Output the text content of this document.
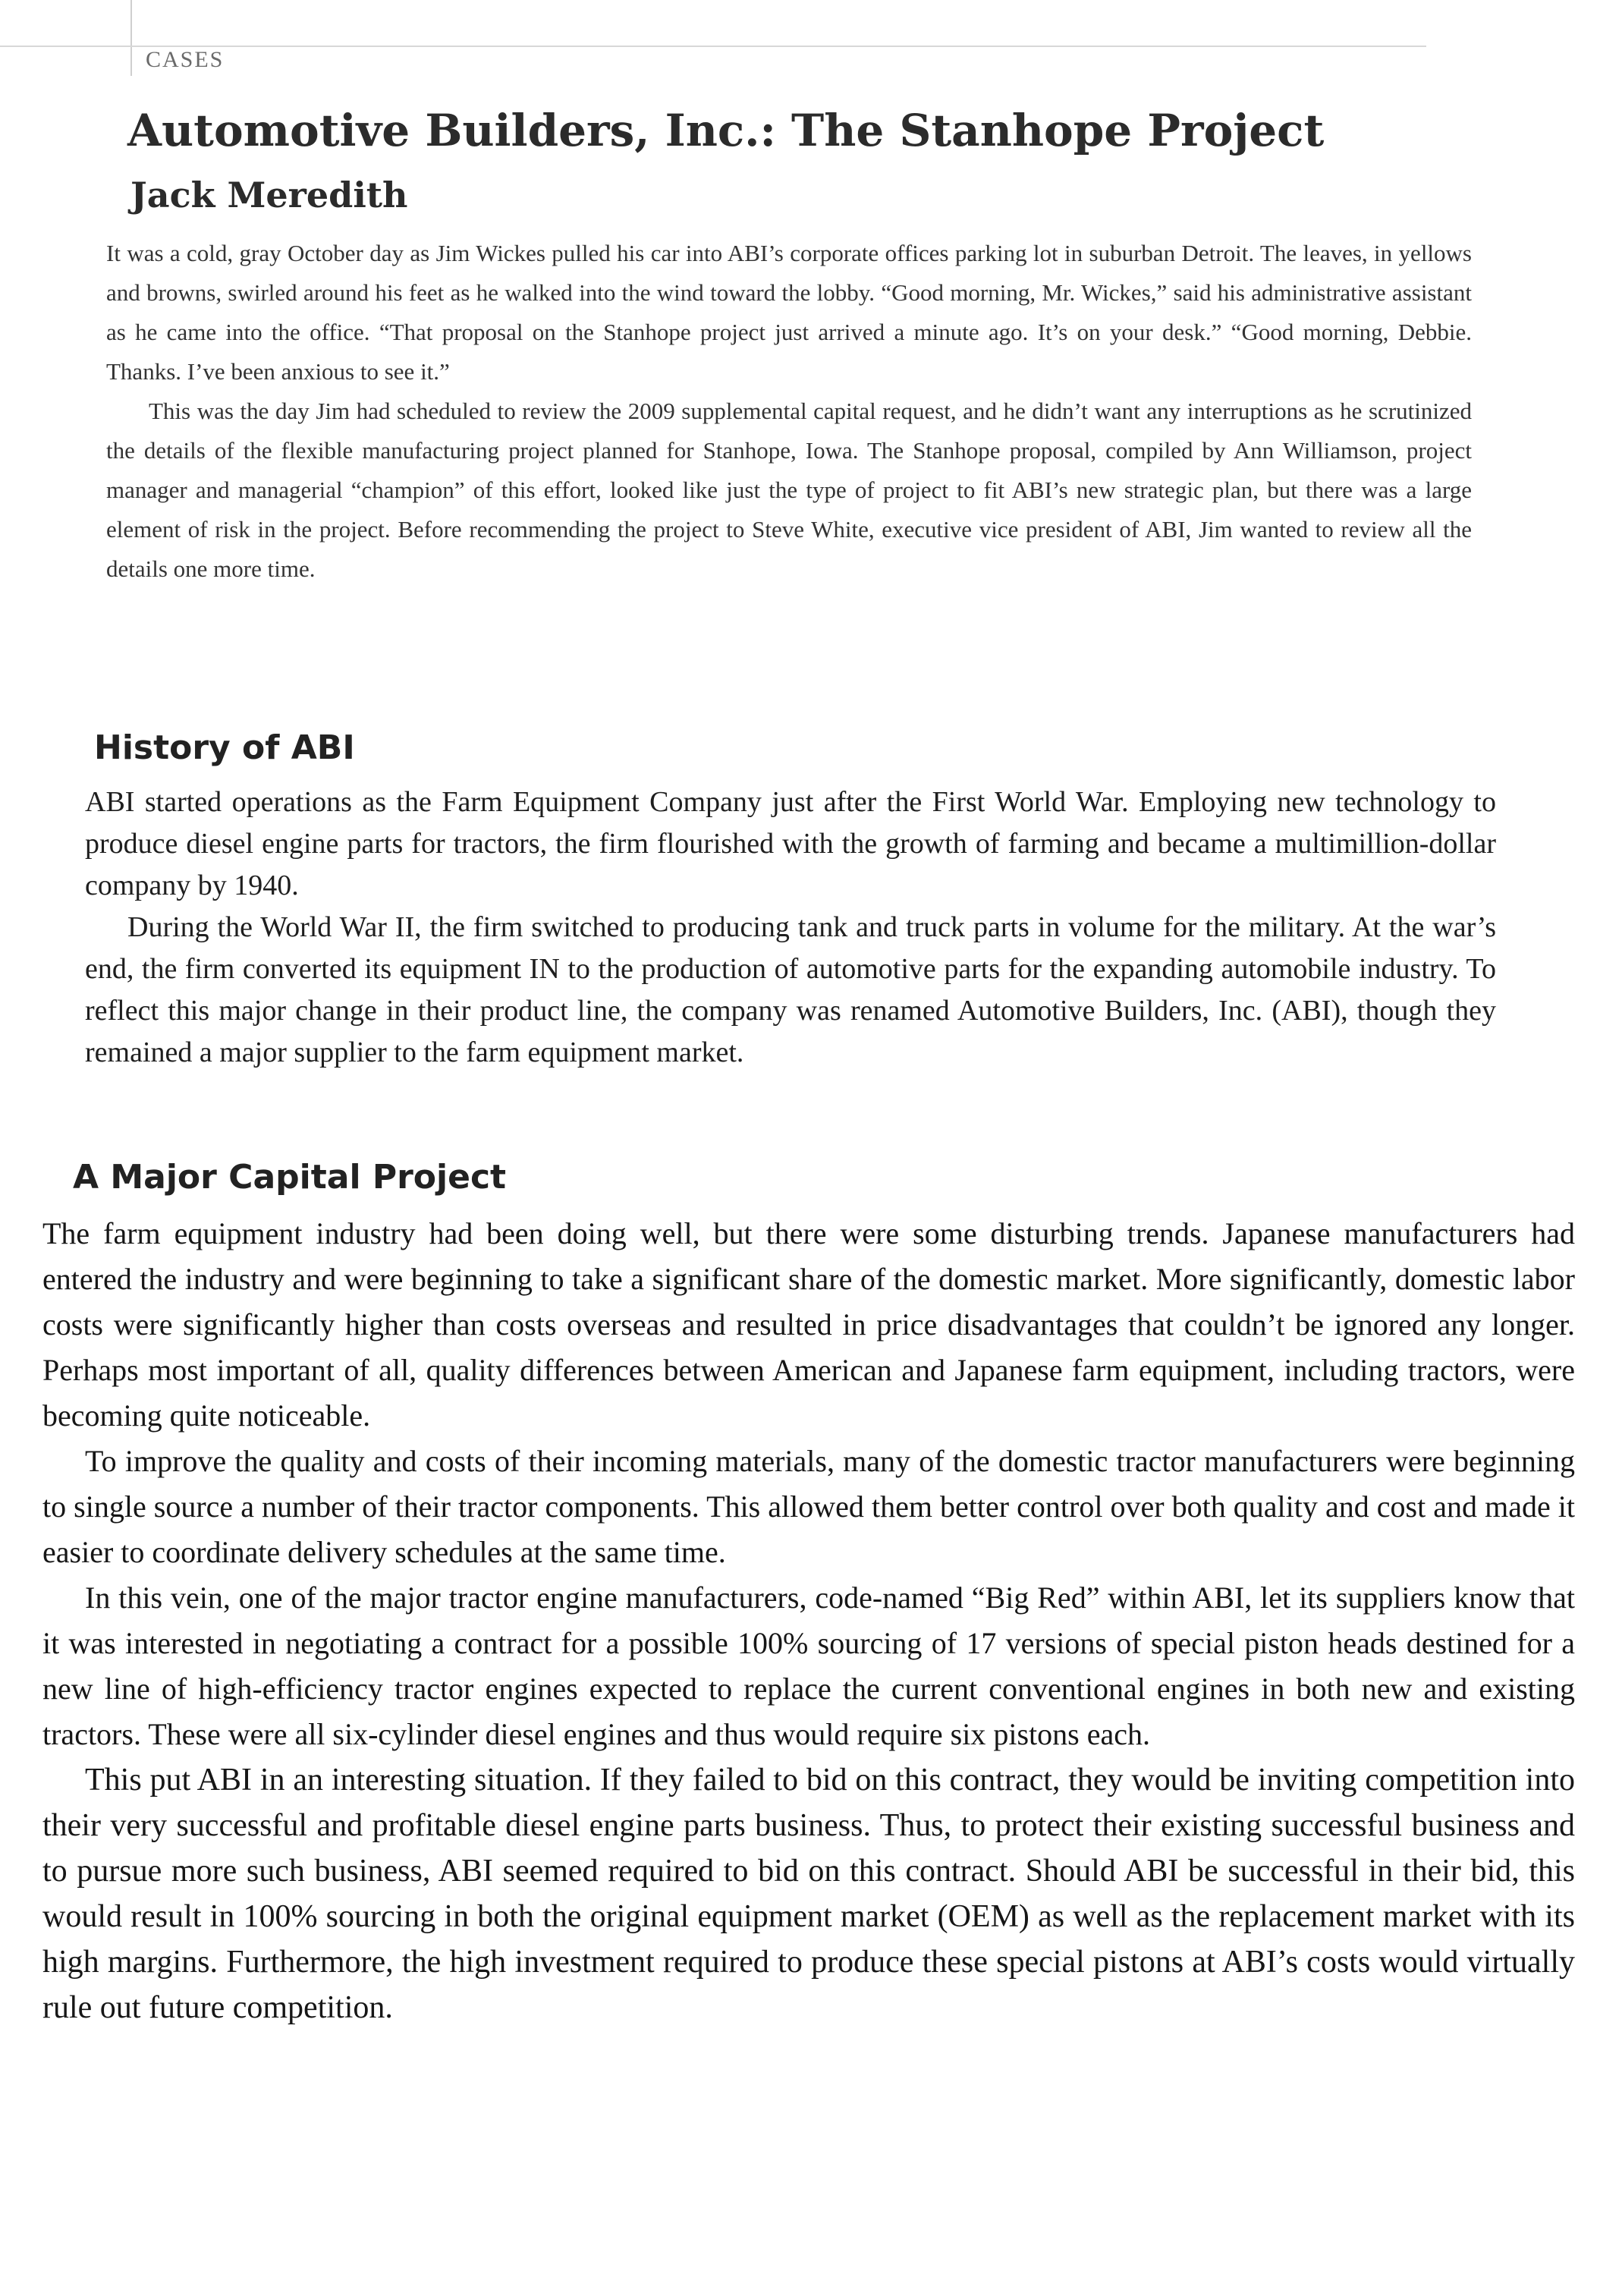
CASES
Automotive Builders, Inc.: The Stanhope Project
Jack Meredith

It was a cold, gray October day as Jim Wickes pulled his car into ABI’s corporate offices parking lot in suburban Detroit. The leaves, in yellows and browns, swirled around his feet as he walked into the wind toward the lobby. “Good morning, Mr. Wickes,” said his administrative assistant as he came into the office. “That proposal on the Stanhope project just arrived a minute ago. It’s on your desk.” “Good morning, Debbie. Thanks. I’ve been anxious to see it.”

This was the day Jim had scheduled to review the 2009 supplemental capital request, and he didn’t want any interruptions as he scrutinized the details of the flexible manufacturing project planned for Stanhope, Iowa. The Stanhope proposal, compiled by Ann Williamson, project manager and managerial “champion” of this effort, looked like just the type of project to fit ABI’s new strategic plan, but there was a large element of risk in the project. Before recommending the project to Steve White, executive vice president of ABI, Jim wanted to review all the details one more time.

History of ABI

ABI started operations as the Farm Equipment Company just after the First World War. Employing new technology to produce diesel engine parts for tractors, the firm flourished with the growth of farming and became a multimillion-dollar company by 1940.

During the World War II, the firm switched to producing tank and truck parts in volume for the military. At the war’s end, the firm converted its equipment IN to the production of automotive parts for the expanding automobile industry. To reflect this major change in their product line, the company was renamed Automotive Builders, Inc. (ABI), though they remained a major supplier to the farm equipment market.

A Major Capital Project

The farm equipment industry had been doing well, but there were some disturbing trends. Japanese manufacturers had entered the industry and were beginning to take a significant share of the domestic market. More significantly, domestic labor costs were significantly higher than costs overseas and resulted in price disadvantages that couldn’t be ignored any longer. Perhaps most important of all, quality differences between American and Japanese farm equipment, including tractors, were becoming quite noticeable.

To improve the quality and costs of their incoming materials, many of the domestic tractor manufacturers were beginning to single source a number of their tractor components. This allowed them better control over both quality and cost and made it easier to coordinate delivery schedules at the same time.

In this vein, one of the major tractor engine manufacturers, code-named “Big Red” within ABI, let its suppliers know that it was interested in negotiating a contract for a possible 100% sourcing of 17 versions of special piston heads destined for a new line of high-efficiency tractor engines expected to replace the current conventional engines in both new and existing tractors. These were all six-cylinder diesel engines and thus would require six pistons each.

This put ABI in an interesting situation. If they failed to bid on this contract, they would be inviting competition into their very successful and profitable diesel engine parts business. Thus, to protect their existing successful business and to pursue more such business, ABI seemed required to bid on this contract. Should ABI be successful in their bid, this would result in 100% sourcing in both the original equipment market (OEM) as well as the replacement market with its high margins. Furthermore, the high investment required to produce these special pistons at ABI’s costs would virtually rule out future competition.
